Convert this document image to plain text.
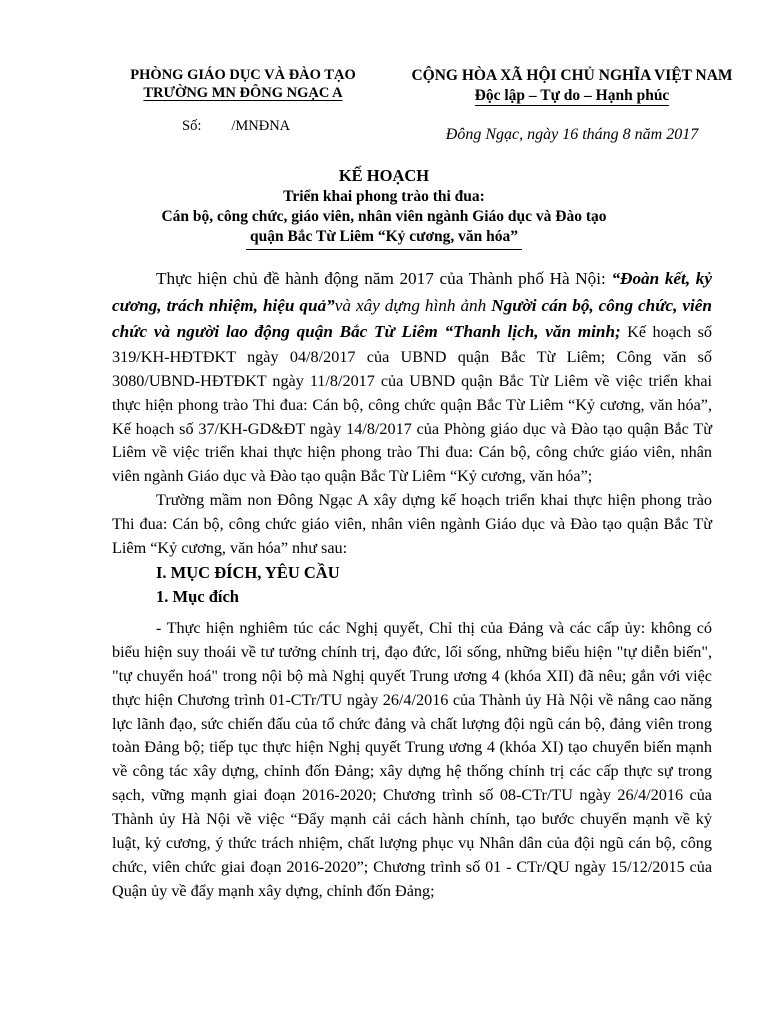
PHÒNG GIÁO DỤC VÀ ĐÀO TẠO
TRƯỜNG MN ĐÔNG NGẠC A
Số: /MNĐNA
CỘNG HÒA XÃ HỘI CHỦ NGHĨA VIỆT NAM
Độc lập – Tự do – Hạnh phúc
Đông Ngạc, ngày 16 tháng 8 năm 2017
KẾ HOẠCH
Triển khai phong trào thi đua:
Cán bộ, công chức, giáo viên, nhân viên ngành Giáo dục và Đào tạo
quận Bắc Từ Liêm “Kỷ cương, văn hóa”

Thực hiện chủ đề hành động năm 2017 của Thành phố Hà Nội: “Đoàn kết, kỷ cương, trách nhiệm, hiệu quả”và xây dựng hình ảnh Người cán bộ, công chức, viên chức và người lao động quận Bắc Từ Liêm “Thanh lịch, văn minh; Kế hoạch số 319/KH-HĐTĐKT ngày 04/8/2017 của UBND quận Bắc Từ Liêm; Công văn số 3080/UBND-HĐTĐKT ngày 11/8/2017 của UBND quận Bắc Từ Liêm về việc triển khai thực hiện phong trào Thi đua: Cán bộ, công chức quận Bắc Từ Liêm “Kỷ cương, văn hóa”, Kế hoạch số 37/KH-GD&ĐT ngày 14/8/2017 của Phòng giáo dục và Đào tạo quận Bắc Từ Liêm về việc triển khai thực hiện phong trào Thi đua: Cán bộ, công chức giáo viên, nhân viên ngành Giáo dục và Đào tạo quận Bắc Từ Liêm “Kỷ cương, văn hóa”;

Trường mầm non Đông Ngạc A xây dựng kế hoạch triển khai thực hiện phong trào Thi đua: Cán bộ, công chức giáo viên, nhân viên ngành Giáo dục và Đào tạo quận Bắc Từ Liêm “Kỷ cương, văn hóa” như sau:

I. MỤC ĐÍCH, YÊU CẦU
1. Mục đích

- Thực hiện nghiêm túc các Nghị quyết, Chỉ thị của Đảng và các cấp ủy: không có biểu hiện suy thoái về tư tưởng chính trị, đạo đức, lối sống, những biểu hiện "tự diễn biến", "tự chuyển hoá" trong nội bộ mà Nghị quyết Trung ương 4 (khóa XII) đã nêu; gắn với việc thực hiện Chương trình 01-CTr/TU ngày 26/4/2016 của Thành ủy Hà Nội về nâng cao năng lực lãnh đạo, sức chiến đấu của tổ chức đảng và chất lượng đội ngũ cán bộ, đảng viên trong toàn Đảng bộ; tiếp tục thực hiện Nghị quyết Trung ương 4 (khóa XI) tạo chuyển biến mạnh về công tác xây dựng, chỉnh đốn Đảng; xây dựng hệ thống chính trị các cấp thực sự trong sạch, vững mạnh giai đoạn 2016-2020; Chương trình số 08-CTr/TU ngày 26/4/2016 của Thành ủy Hà Nội về việc “Đẩy mạnh cải cách hành chính, tạo bước chuyển mạnh về kỷ luật, kỷ cương, ý thức trách nhiệm, chất lượng phục vụ Nhân dân của đội ngũ cán bộ, công chức, viên chức giai đoạn 2016-2020”; Chương trình số 01 - CTr/QU ngày 15/12/2015 của Quận ủy về đẩy mạnh xây dựng, chỉnh đốn Đảng;
